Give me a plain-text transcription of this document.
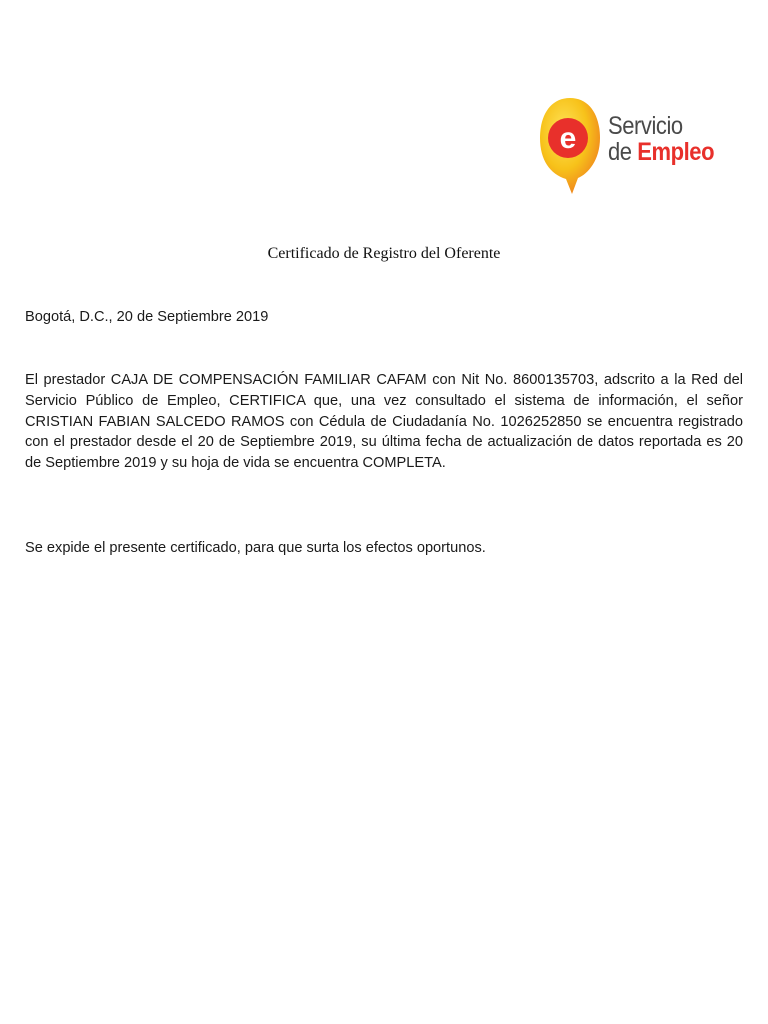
e Servicio
de Empleo
Certificado de Registro del Oferente

Bogotá, D.C., 20 de Septiembre 2019

El prestador CAJA DE COMPENSACIÓN FAMILIAR CAFAM con Nit No. 8600135703, adscrito a la Red del Servicio Público de Empleo, CERTIFICA que, una vez consultado el sistema de información, el señor CRISTIAN FABIAN SALCEDO RAMOS con Cédula de Ciudadanía No. 1026252850 se encuentra registrado con el prestador desde el 20 de Septiembre 2019, su última fecha de actualización de datos reportada es 20 de Septiembre 2019 y su hoja de vida se encuentra COMPLETA.

Se expide el presente certificado, para que surta los efectos oportunos.
